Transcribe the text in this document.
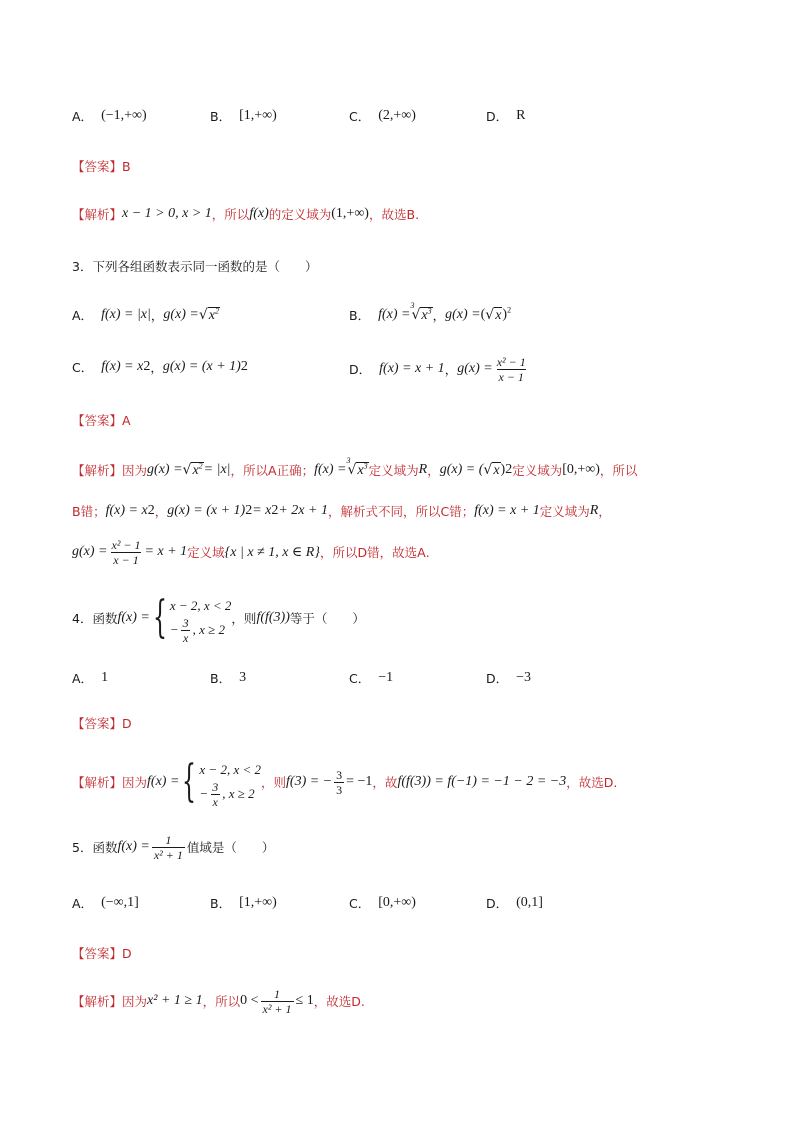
A． (−1,+∞)	B． [1,+∞)	C． (2,+∞)	D． R
【答案】 B
【解析】 x − 1 > 0, x > 1 ，所以 f(x) 的定义域为 (1,+∞) ，故选 B .
3．下列各组函数表示同一函数的是（　　）
A． f(x) = |x| ， g(x) = √ $x^2$	B． f(x) =
3
√ $x^3$ ， g(x) = ( √ x )$^2$
C． f(x) = x 2 ， g(x) = (x + 1) 2	D． f(x) = x + 1 ， $g(x) = \frac{\text{x² − 1}}{x - 1}$
【答案】 A
【解析】 因为 g(x) = √ $x^2 = |x|$ ，所以 A 正确； f(x) =
3
√ $x^3$ 定义域为 R ， g(x) = ( √ x ) 2 定义域为 [0,+∞) ，所以
B 错； f(x) = x 2 ， g(x) = (x + 1) 2 = x 2 + 2x + 1 ，解析式不同，所以 C 错； f(x) = x + 1 定义域为 R ，
$g(x) = \frac{\text{x² − 1}}{x - 1} = x + 1$ 定义域 {x | x ≠ 1, x ∈ R} ，所以 D 错，故选 A .
4．函数 f(x) = { x − 2, x < 2
− $\frac{3}{x}$ , x ≥ 2
，则 f(f(3)) 等于（　　）
A． 1	B． 3	C． −1	D． −3
【答案】 D
【解析】 因为 f(x) = { x − 2, x < 2
− $\frac{3}{x}$ , x ≥ 2
，则 f(3) = − $\frac{3}{3} = -1$ ，故 f(f(3)) = f(−1) = −1 − 2 = −3 ，故选 D .
5．函数 $f(x) = \frac{1}{\text{x² + 1}}$ 值域是（　　）
A． (−∞,1]	B． [1,+∞)	C． [0,+∞)	D． (0,1]
【答案】 D
【解析】 因为 x² + 1 ≥ 1 ，所以 $0 < \frac{1}{\text{x² + 1}} \le 1$ ，故选 D .
